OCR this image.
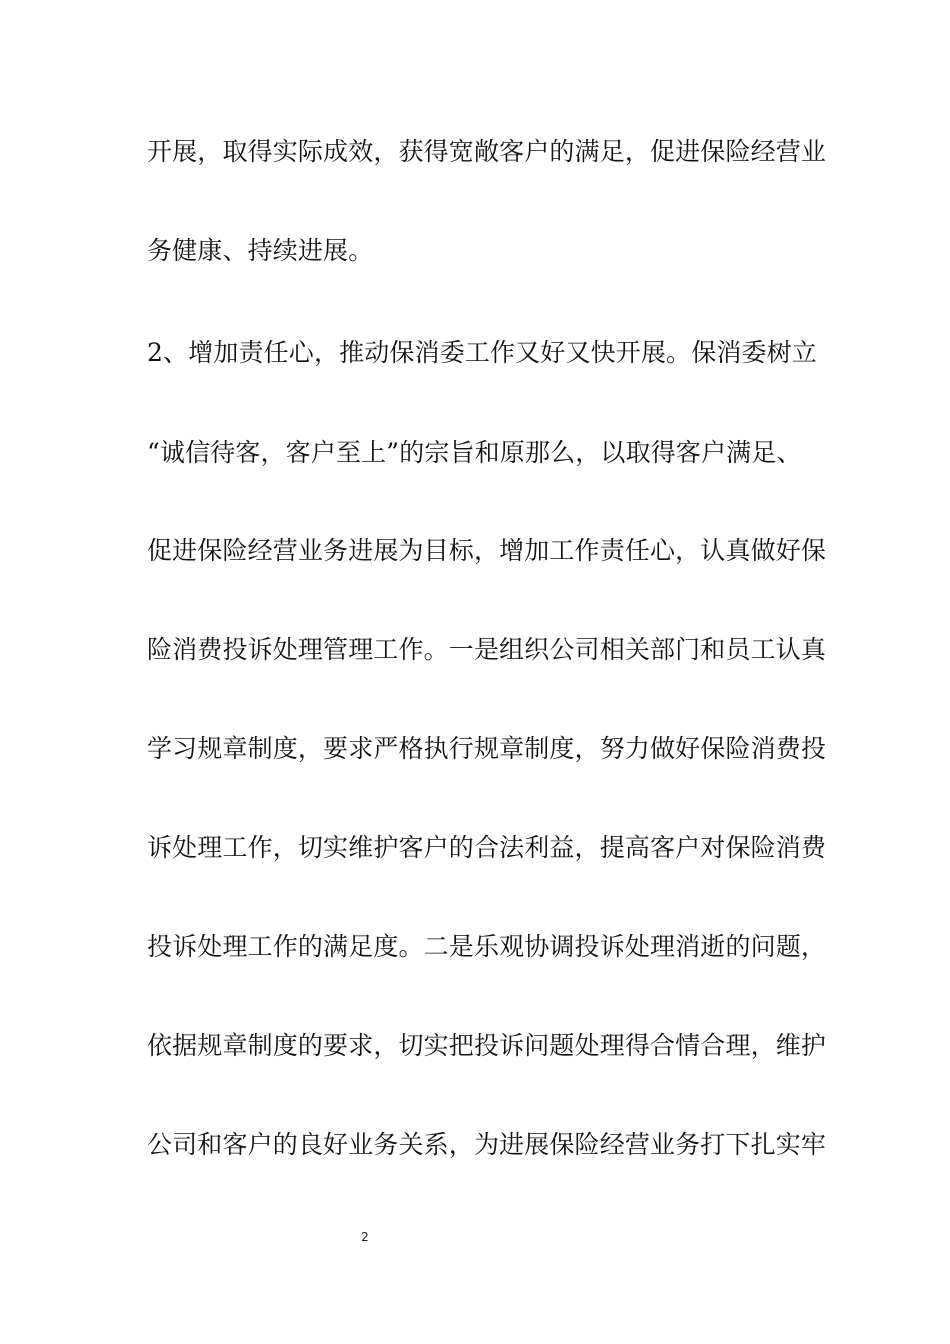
开展，取得实际成效，获得宽敞客户的满足，促进保险经营业
务健康、持续进展。
2、增加责任心，推动保消委工作又好又快开展。保消委树立
“诚信待客，客户至上”的宗旨和原那么，以取得客户满足、
促进保险经营业务进展为目标，增加工作责任心，认真做好保
险消费投诉处理管理工作。一是组织公司相关部门和员工认真
学习规章制度，要求严格执行规章制度，努力做好保险消费投
诉处理工作，切实维护客户的合法利益，提高客户对保险消费
投诉处理工作的满足度。二是乐观协调投诉处理消逝的问题，
依据规章制度的要求，切实把投诉问题处理得合情合理，维护
公司和客户的良好业务关系，为进展保险经营业务打下扎实牢
2
